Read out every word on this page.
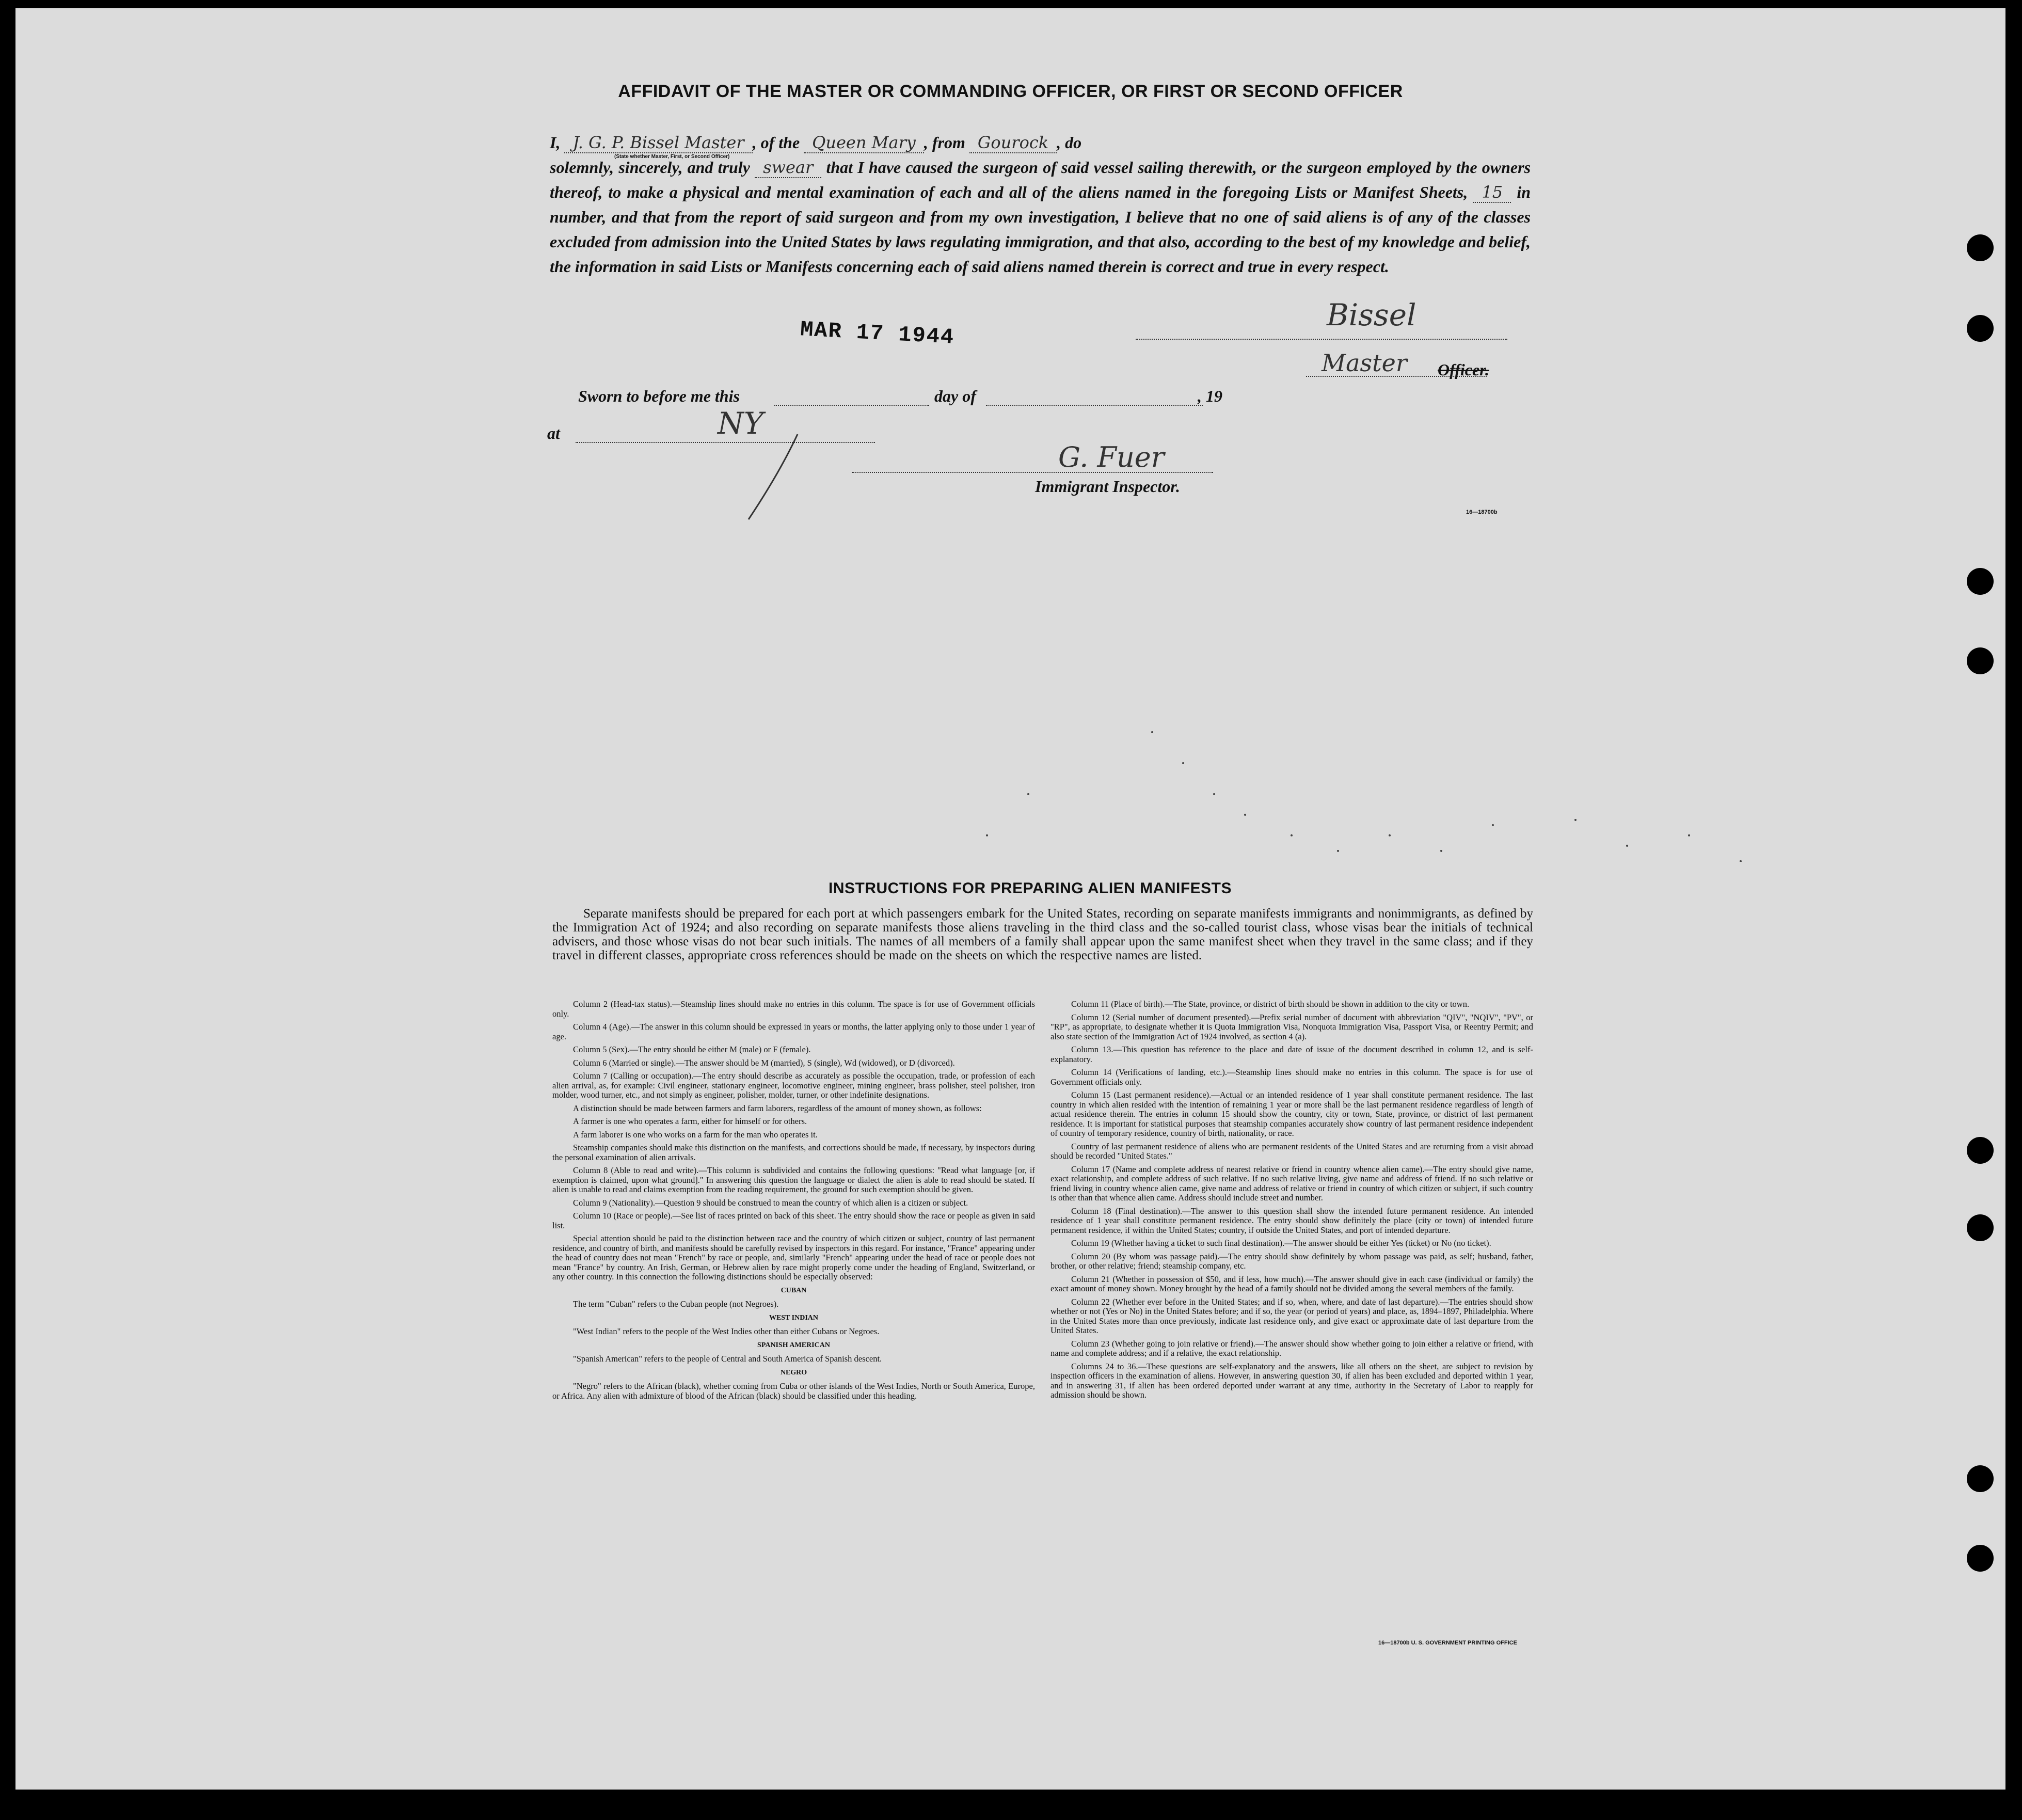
AFFIDAVIT OF THE MASTER OR COMMANDING OFFICER, OR FIRST OR SECOND OFFICER

I, J. G. P. Bissel Master , of the Queen Mary , from Gourock , do

solemnly, sincerely, and truly swear that I have caused the surgeon of said vessel sailing therewith, or the surgeon employed by the owners thereof, to make a physical and mental examination of each and all of the aliens named in the foregoing Lists or Manifest Sheets, 15 in number, and that from the report of said surgeon and from my own investigation, I believe that no one of said aliens is of any of the classes excluded from admission into the United States by laws regulating immigration, and that also, according to the best of my knowledge and belief, the information in said Lists or Manifests concerning each of said aliens named therein is correct and true in every respect.

(State whether Master, First, or Second Officer)
MAR 17 1944
Bissel
Master Officer.
Sworn to before me this	day of	, 19
at	NY
G. Fuer
Immigrant Inspector.
16—18700b
INSTRUCTIONS FOR PREPARING ALIEN MANIFESTS

Separate manifests should be prepared for each port at which passengers embark for the United States, recording on separate manifests immigrants and nonimmigrants, as defined by the Immigration Act of 1924; and also recording on separate manifests those aliens traveling in the third class and the so-called tourist class, whose visas bear the initials of technical advisers, and those whose visas do not bear such initials. The names of all members of a family shall appear upon the same manifest sheet when they travel in the same class; and if they travel in different classes, appropriate cross references should be made on the sheets on which the respective names are listed.

Column 2 (Head-tax status).—Steamship lines should make no entries in this column. The space is for use of Government officials only.

Column 4 (Age).—The answer in this column should be expressed in years or months, the latter applying only to those under 1 year of age.

Column 5 (Sex).—The entry should be either M (male) or F (female).

Column 6 (Married or single).—The answer should be M (married), S (single), Wd (widowed), or D (divorced).

Column 7 (Calling or occupation).—The entry should describe as accurately as possible the occupation, trade, or profession of each alien arrival, as, for example: Civil engineer, stationary engineer, locomotive engineer, mining engineer, brass polisher, steel polisher, iron molder, wood turner, etc., and not simply as engineer, polisher, molder, turner, or other indefinite designations.

A distinction should be made between farmers and farm laborers, regardless of the amount of money shown, as follows:

A farmer is one who operates a farm, either for himself or for others.

A farm laborer is one who works on a farm for the man who operates it.

Steamship companies should make this distinction on the manifests, and corrections should be made, if necessary, by inspectors during the personal examination of alien arrivals.

Column 8 (Able to read and write).—This column is subdivided and contains the following questions: "Read what language [or, if exemption is claimed, upon what ground]." In answering this question the language or dialect the alien is able to read should be stated. If alien is unable to read and claims exemption from the reading requirement, the ground for such exemption should be given.

Column 9 (Nationality).—Question 9 should be construed to mean the country of which alien is a citizen or subject.

Column 10 (Race or people).—See list of races printed on back of this sheet. The entry should show the race or people as given in said list.

Special attention should be paid to the distinction between race and the country of which citizen or subject, country of last permanent residence, and country of birth, and manifests should be carefully revised by inspectors in this regard. For instance, "France" appearing under the head of country does not mean "French" by race or people, and, similarly "French" appearing under the head of race or people does not mean "France" by country. An Irish, German, or Hebrew alien by race might properly come under the heading of England, Switzerland, or any other country. In this connection the following distinctions should be especially observed:

CUBAN

The term "Cuban" refers to the Cuban people (not Negroes).

WEST INDIAN

"West Indian" refers to the people of the West Indies other than either Cubans or Negroes.

SPANISH AMERICAN

"Spanish American" refers to the people of Central and South America of Spanish descent.

NEGRO

"Negro" refers to the African (black), whether coming from Cuba or other islands of the West Indies, North or South America, Europe, or Africa. Any alien with admixture of blood of the African (black) should be classified under this heading.

Column 11 (Place of birth).—The State, province, or district of birth should be shown in addition to the city or town.

Column 12 (Serial number of document presented).—Prefix serial number of document with abbreviation "QIV", "NQIV", "PV", or "RP", as appropriate, to designate whether it is Quota Immigration Visa, Nonquota Immigration Visa, Passport Visa, or Reentry Permit; and also state section of the Immigration Act of 1924 involved, as section 4 (a).

Column 13.—This question has reference to the place and date of issue of the document described in column 12, and is self-explanatory.

Column 14 (Verifications of landing, etc.).—Steamship lines should make no entries in this column. The space is for use of Government officials only.

Column 15 (Last permanent residence).—Actual or an intended residence of 1 year shall constitute permanent residence. The last country in which alien resided with the intention of remaining 1 year or more shall be the last permanent residence regardless of length of actual residence therein. The entries in column 15 should show the country, city or town, State, province, or district of last permanent residence. It is important for statistical purposes that steamship companies accurately show country of last permanent residence independent of country of temporary residence, country of birth, nationality, or race.

Country of last permanent residence of aliens who are permanent residents of the United States and are returning from a visit abroad should be recorded "United States."

Column 17 (Name and complete address of nearest relative or friend in country whence alien came).—The entry should give name, exact relationship, and complete address of such relative. If no such relative living, give name and address of friend. If no such relative or friend living in country whence alien came, give name and address of relative or friend in country of which citizen or subject, if such country is other than that whence alien came. Address should include street and number.

Column 18 (Final destination).—The answer to this question shall show the intended future permanent residence. An intended residence of 1 year shall constitute permanent residence. The entry should show definitely the place (city or town) of intended future permanent residence, if within the United States; country, if outside the United States, and port of intended departure.

Column 19 (Whether having a ticket to such final destination).—The answer should be either Yes (ticket) or No (no ticket).

Column 20 (By whom was passage paid).—The entry should show definitely by whom passage was paid, as self; husband, father, brother, or other relative; friend; steamship company, etc.

Column 21 (Whether in possession of $50, and if less, how much).—The answer should give in each case (individual or family) the exact amount of money shown. Money brought by the head of a family should not be divided among the several members of the family.

Column 22 (Whether ever before in the United States; and if so, when, where, and date of last departure).—The entries should show whether or not (Yes or No) in the United States before; and if so, the year (or period of years) and place, as, 1894–1897, Philadelphia. Where in the United States more than once previously, indicate last residence only, and give exact or approximate date of last departure from the United States.

Column 23 (Whether going to join relative or friend).—The answer should show whether going to join either a relative or friend, with name and complete address; and if a relative, the exact relationship.

Columns 24 to 36.—These questions are self-explanatory and the answers, like all others on the sheet, are subject to revision by inspection officers in the examination of aliens. However, in answering question 30, if alien has been excluded and deported within 1 year, and in answering 31, if alien has been ordered deported under warrant at any time, authority in the Secretary of Labor to reapply for admission should be shown.

16—18700b U. S. GOVERNMENT PRINTING OFFICE
